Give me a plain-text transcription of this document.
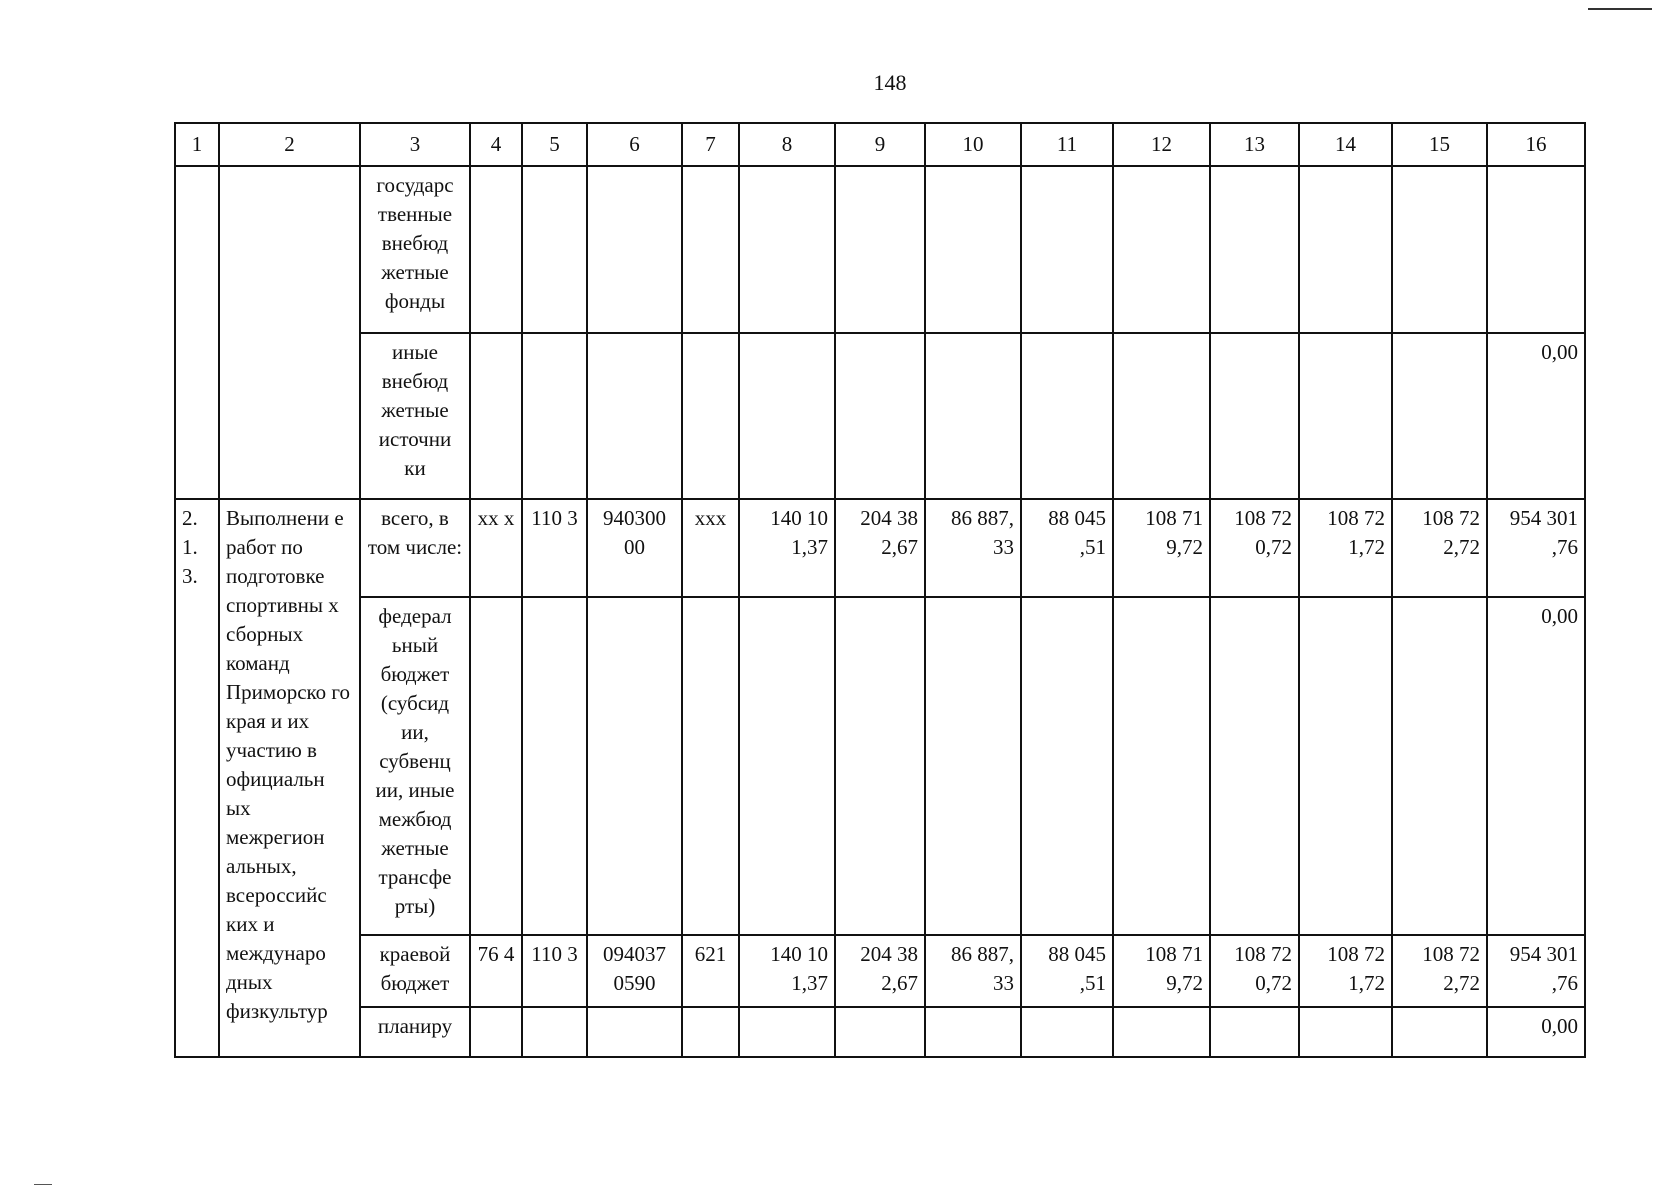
148
1	2	3	4	5	6	7	8	9	10	11	12	13	14	15	16
		государс твенные внебюд жетные фонды													
		иные внебюд жетные источни ки													0,00
2. 1. 3.	Выполнени е работ по подготовке спортивны х сборных команд Приморско го края и их участию в официальн ых межрегион альных, всероссийс ких и междунаро дных физкультур	всего, в том числе:	хх х	110 3	940300 00	ххх	140 10 1,37	204 38 2,67	86 887, 33	88 045 ,51	108 71 9,72	108 72 0,72	108 72 1,72	108 72 2,72	954 301 ,76
		федерал ьный бюджет (субсид ии, субвенц ии, иные межбюд жетные трансфе рты)													0,00
		краевой бюджет	76 4	110 3	094037 0590	621	140 10 1,37	204 38 2,67	86 887, 33	88 045 ,51	108 71 9,72	108 72 0,72	108 72 1,72	108 72 2,72	954 301 ,76
		планиру													0,00
